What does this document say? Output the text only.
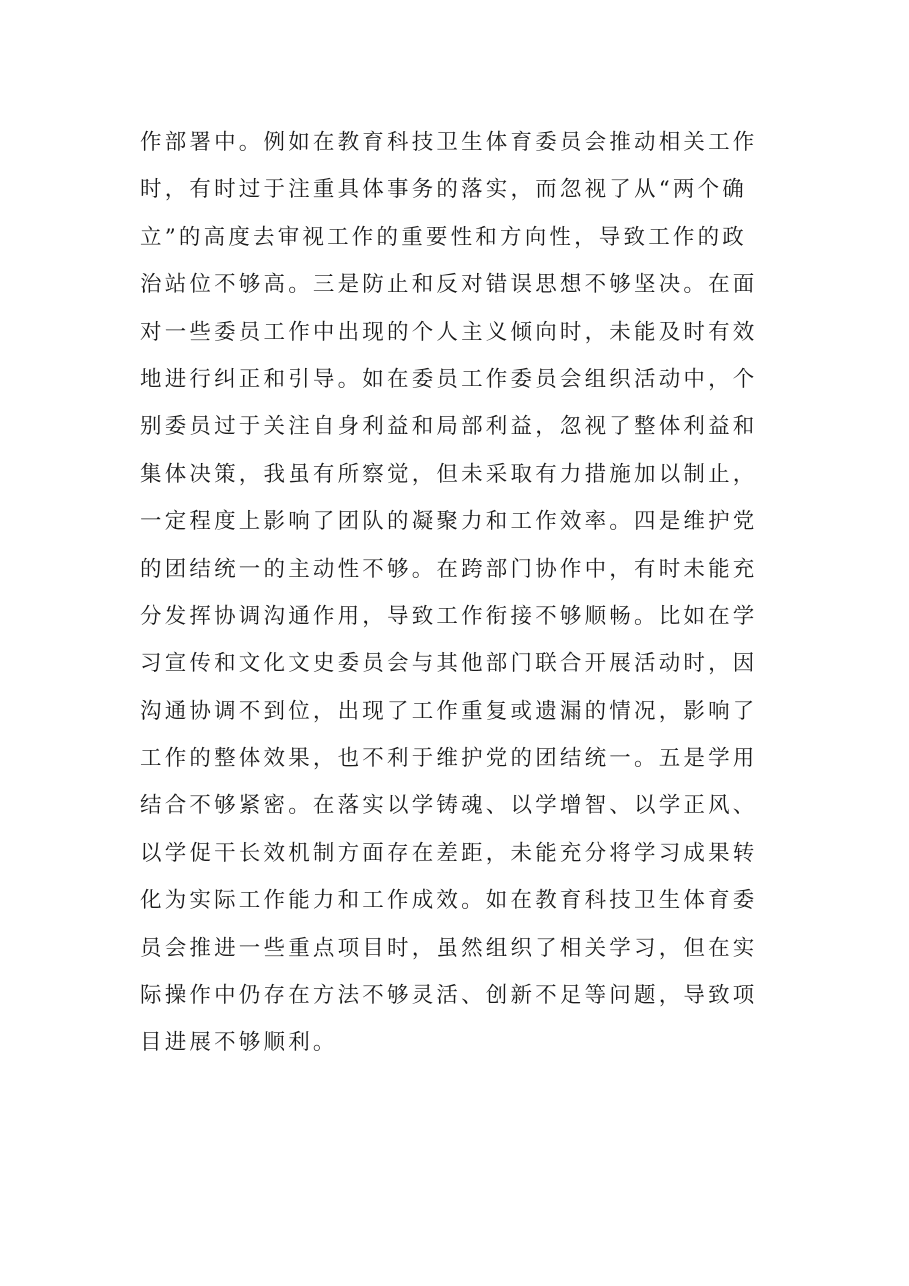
作部署中。例如在教育科技卫生体育委员会推动相关工作
时，有时过于注重具体事务的落实，而忽视了从“两个确
立”的高度去审视工作的重要性和方向性，导致工作的政
治站位不够高。三是防止和反对错误思想不够坚决。在面
对一些委员工作中出现的个人主义倾向时，未能及时有效
地进行纠正和引导。如在委员工作委员会组织活动中，个
别委员过于关注自身利益和局部利益，忽视了整体利益和
集体决策，我虽有所察觉，但未采取有力措施加以制止，
一定程度上影响了团队的凝聚力和工作效率。四是维护党
的团结统一的主动性不够。在跨部门协作中，有时未能充
分发挥协调沟通作用，导致工作衔接不够顺畅。比如在学
习宣传和文化文史委员会与其他部门联合开展活动时，因
沟通协调不到位，出现了工作重复或遗漏的情况，影响了
工作的整体效果，也不利于维护党的团结统一。五是学用
结合不够紧密。在落实以学铸魂、以学增智、以学正风、
以学促干长效机制方面存在差距，未能充分将学习成果转
化为实际工作能力和工作成效。如在教育科技卫生体育委
员会推进一些重点项目时，虽然组织了相关学习，但在实
际操作中仍存在方法不够灵活、创新不足等问题，导致项
目进展不够顺利。
